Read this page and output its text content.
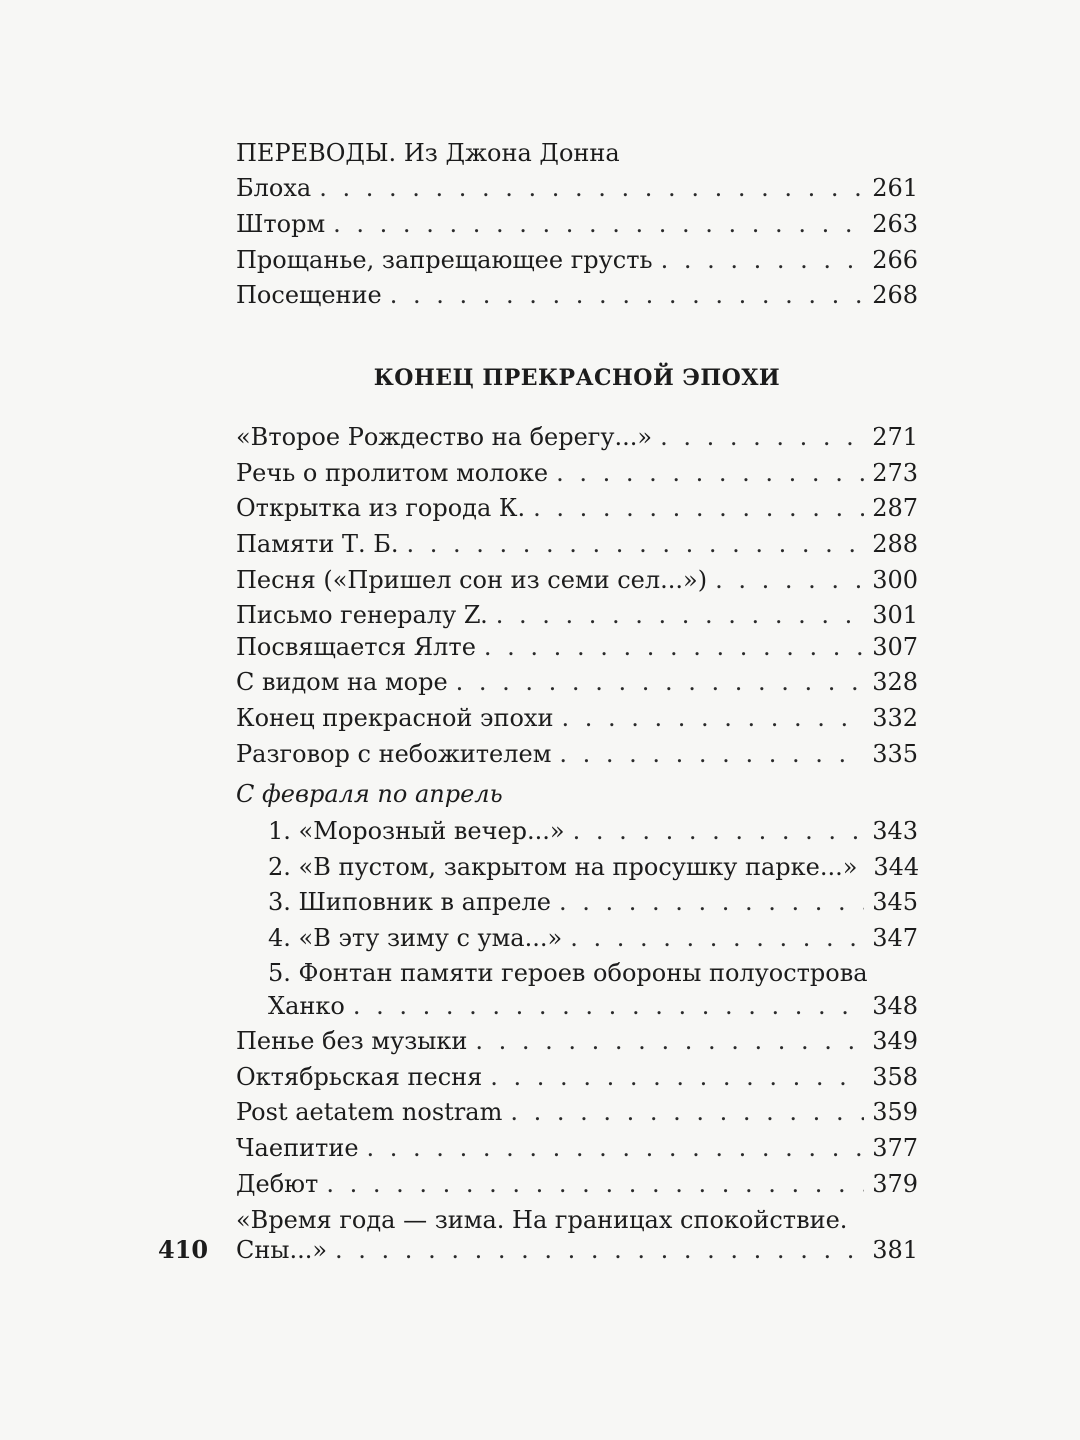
ПЕРЕВОДЫ. Из Джона Донна
Блоха . . .	261
Шторм . . .	263
Прощанье, запрещающее грусть . . .	266
Посещение . . .	268
КОНЕЦ ПРЕКРАСНОЙ ЭПОХИ
«Второе Рождество на берегу...» . . .	271
Речь о пролитом молоке . . .	273
Открытка из города К. . . .	287
Памяти Т. Б. . . .	288
Песня («Пришел сон из семи сел...») . . .	300
Письмо генералу Z. . . .	301
Посвящается Ялте . . .	307
С видом на море . . .	328
Конец прекрасной эпохи . . .	332
Разговор с небожителем . . .	335
С февраля по апрель
1. «Морозный вечер...» . . .	343
2. «В пустом, закрытом на просушку парке...» 344
3. Шиповник в апреле . . .	345
4. «В эту зиму с ума...» . . .	347
5. Фонтан памяти героев обороны полуострова
Ханко . . .	348
Пенье без музыки . . .	349
Октябрьская песня . . .	358
Post aetatem nostram . . .	359
Чаепитие . . .	377
Дебют . . .	379
«Время года — зима. На границах спокойствие.
Сны...» . . .	381
410
